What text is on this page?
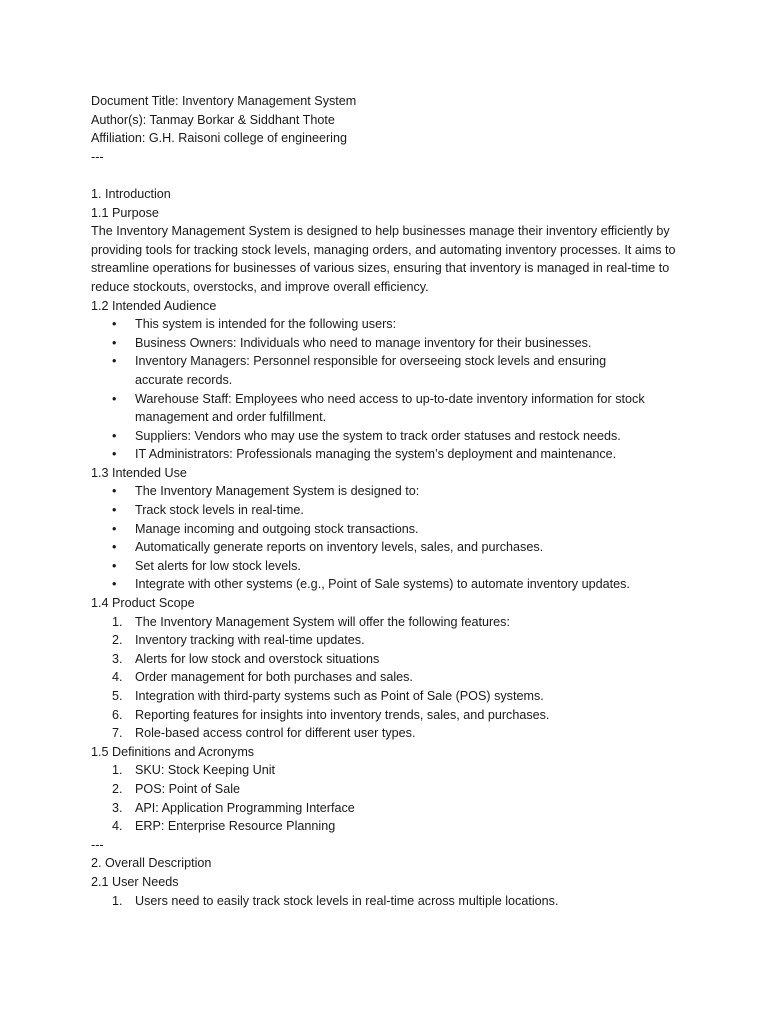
Document Title: Inventory Management System

Author(s): Tanmay Borkar & Siddhant Thote

Affiliation: G.H. Raisoni college of engineering

---

1. Introduction

1.1 Purpose

The Inventory Management System is designed to help businesses manage their inventory efficiently by providing tools for tracking stock levels, managing orders, and automating inventory processes. It aims to streamline operations for businesses of various sizes, ensuring that inventory is managed in real-time to reduce stockouts, overstocks, and improve overall efficiency.

1.2 Intended Audience

• This system is intended for the following users:
• Business Owners: Individuals who need to manage inventory for their businesses.
• Inventory Managers: Personnel responsible for overseeing stock levels and ensuring accurate records.
• Warehouse Staff: Employees who need access to up-to-date inventory information for stock management and order fulfillment.
• Suppliers: Vendors who may use the system to track order statuses and restock needs.
• IT Administrators: Professionals managing the system’s deployment and maintenance.

1.3 Intended Use

• The Inventory Management System is designed to:
• Track stock levels in real-time.
• Manage incoming and outgoing stock transactions.
• Automatically generate reports on inventory levels, sales, and purchases.
• Set alerts for low stock levels.
• Integrate with other systems (e.g., Point of Sale systems) to automate inventory updates.

1.4 Product Scope

1. The Inventory Management System will offer the following features:
2. Inventory tracking with real-time updates.
3. Alerts for low stock and overstock situations
4. Order management for both purchases and sales.
5. Integration with third-party systems such as Point of Sale (POS) systems.
6. Reporting features for insights into inventory trends, sales, and purchases.
7. Role-based access control for different user types.

1.5 Definitions and Acronyms

1. SKU: Stock Keeping Unit
2. POS: Point of Sale
3. API: Application Programming Interface
4. ERP: Enterprise Resource Planning

---

2. Overall Description

2.1 User Needs

1. Users need to easily track stock levels in real-time across multiple locations.
